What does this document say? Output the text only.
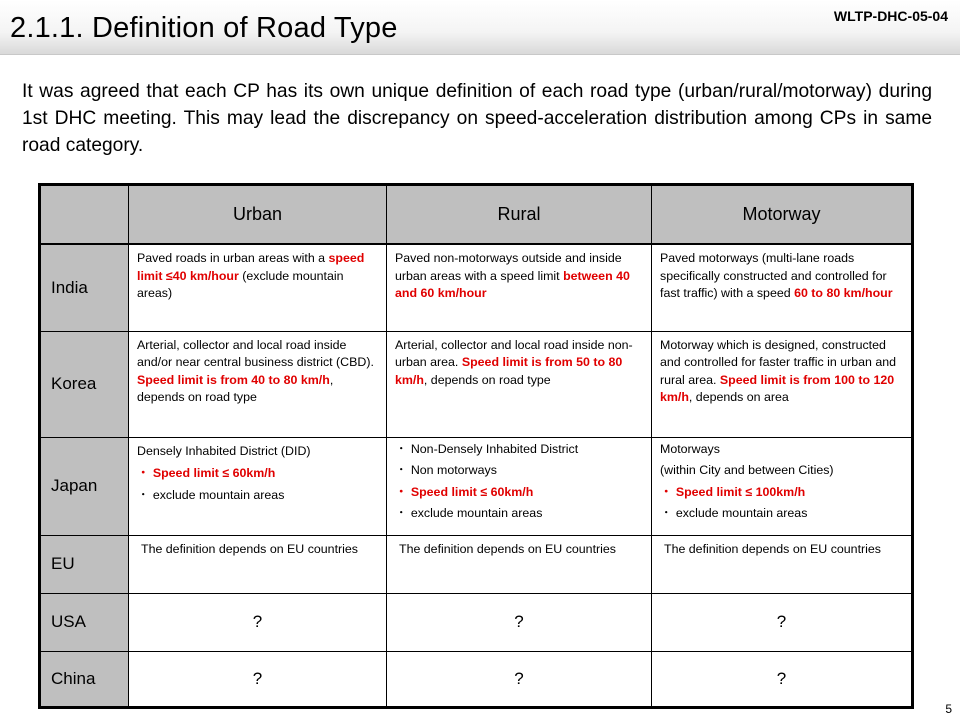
2.1.1. Definition of Road Type	WLTP-DHC-05-04
It was agreed that each CP has its own unique definition of each road type (urban/rural/motorway) during 1st DHC meeting. This may lead the discrepancy on speed-acceleration distribution among CPs in same road category.
	Urban	Rural	Motorway
India	Paved roads in urban areas with a speed limit ≤40 km/hour (exclude mountain areas)	Paved non-motorways outside and inside urban areas with a speed limit between 40 and 60 km/hour	Paved motorways (multi-lane roads specifically constructed and controlled for fast traffic) with a speed 60 to 80 km/hour

Korea	Arterial, collector and local road inside and/or near central business district (CBD). Speed limit is from 40 to 80 km/h, depends on road type	Arterial, collector and local road inside non-urban area. Speed limit is from 50 to 80 km/h, depends on road type	Motorway which is designed, constructed and controlled for faster traffic in urban and rural area. Speed limit is from 100 to 120 km/h, depends on area

Japan	Densely Inhabited District (DID)
・ Speed limit ≤ 60km/h
・ exclude mountain areas	・ Non-Densely Inhabited District
・ Non motorways
・ Speed limit ≤ 60km/h
・ exclude mountain areas	Motorways
(within City and between Cities)
・ Speed limit ≤ 100km/h
・ exclude mountain areas

EU	The definition depends on EU countries	The definition depends on EU countries	The definition depends on EU countries

USA	?	?	?
China	?	?	?
5
